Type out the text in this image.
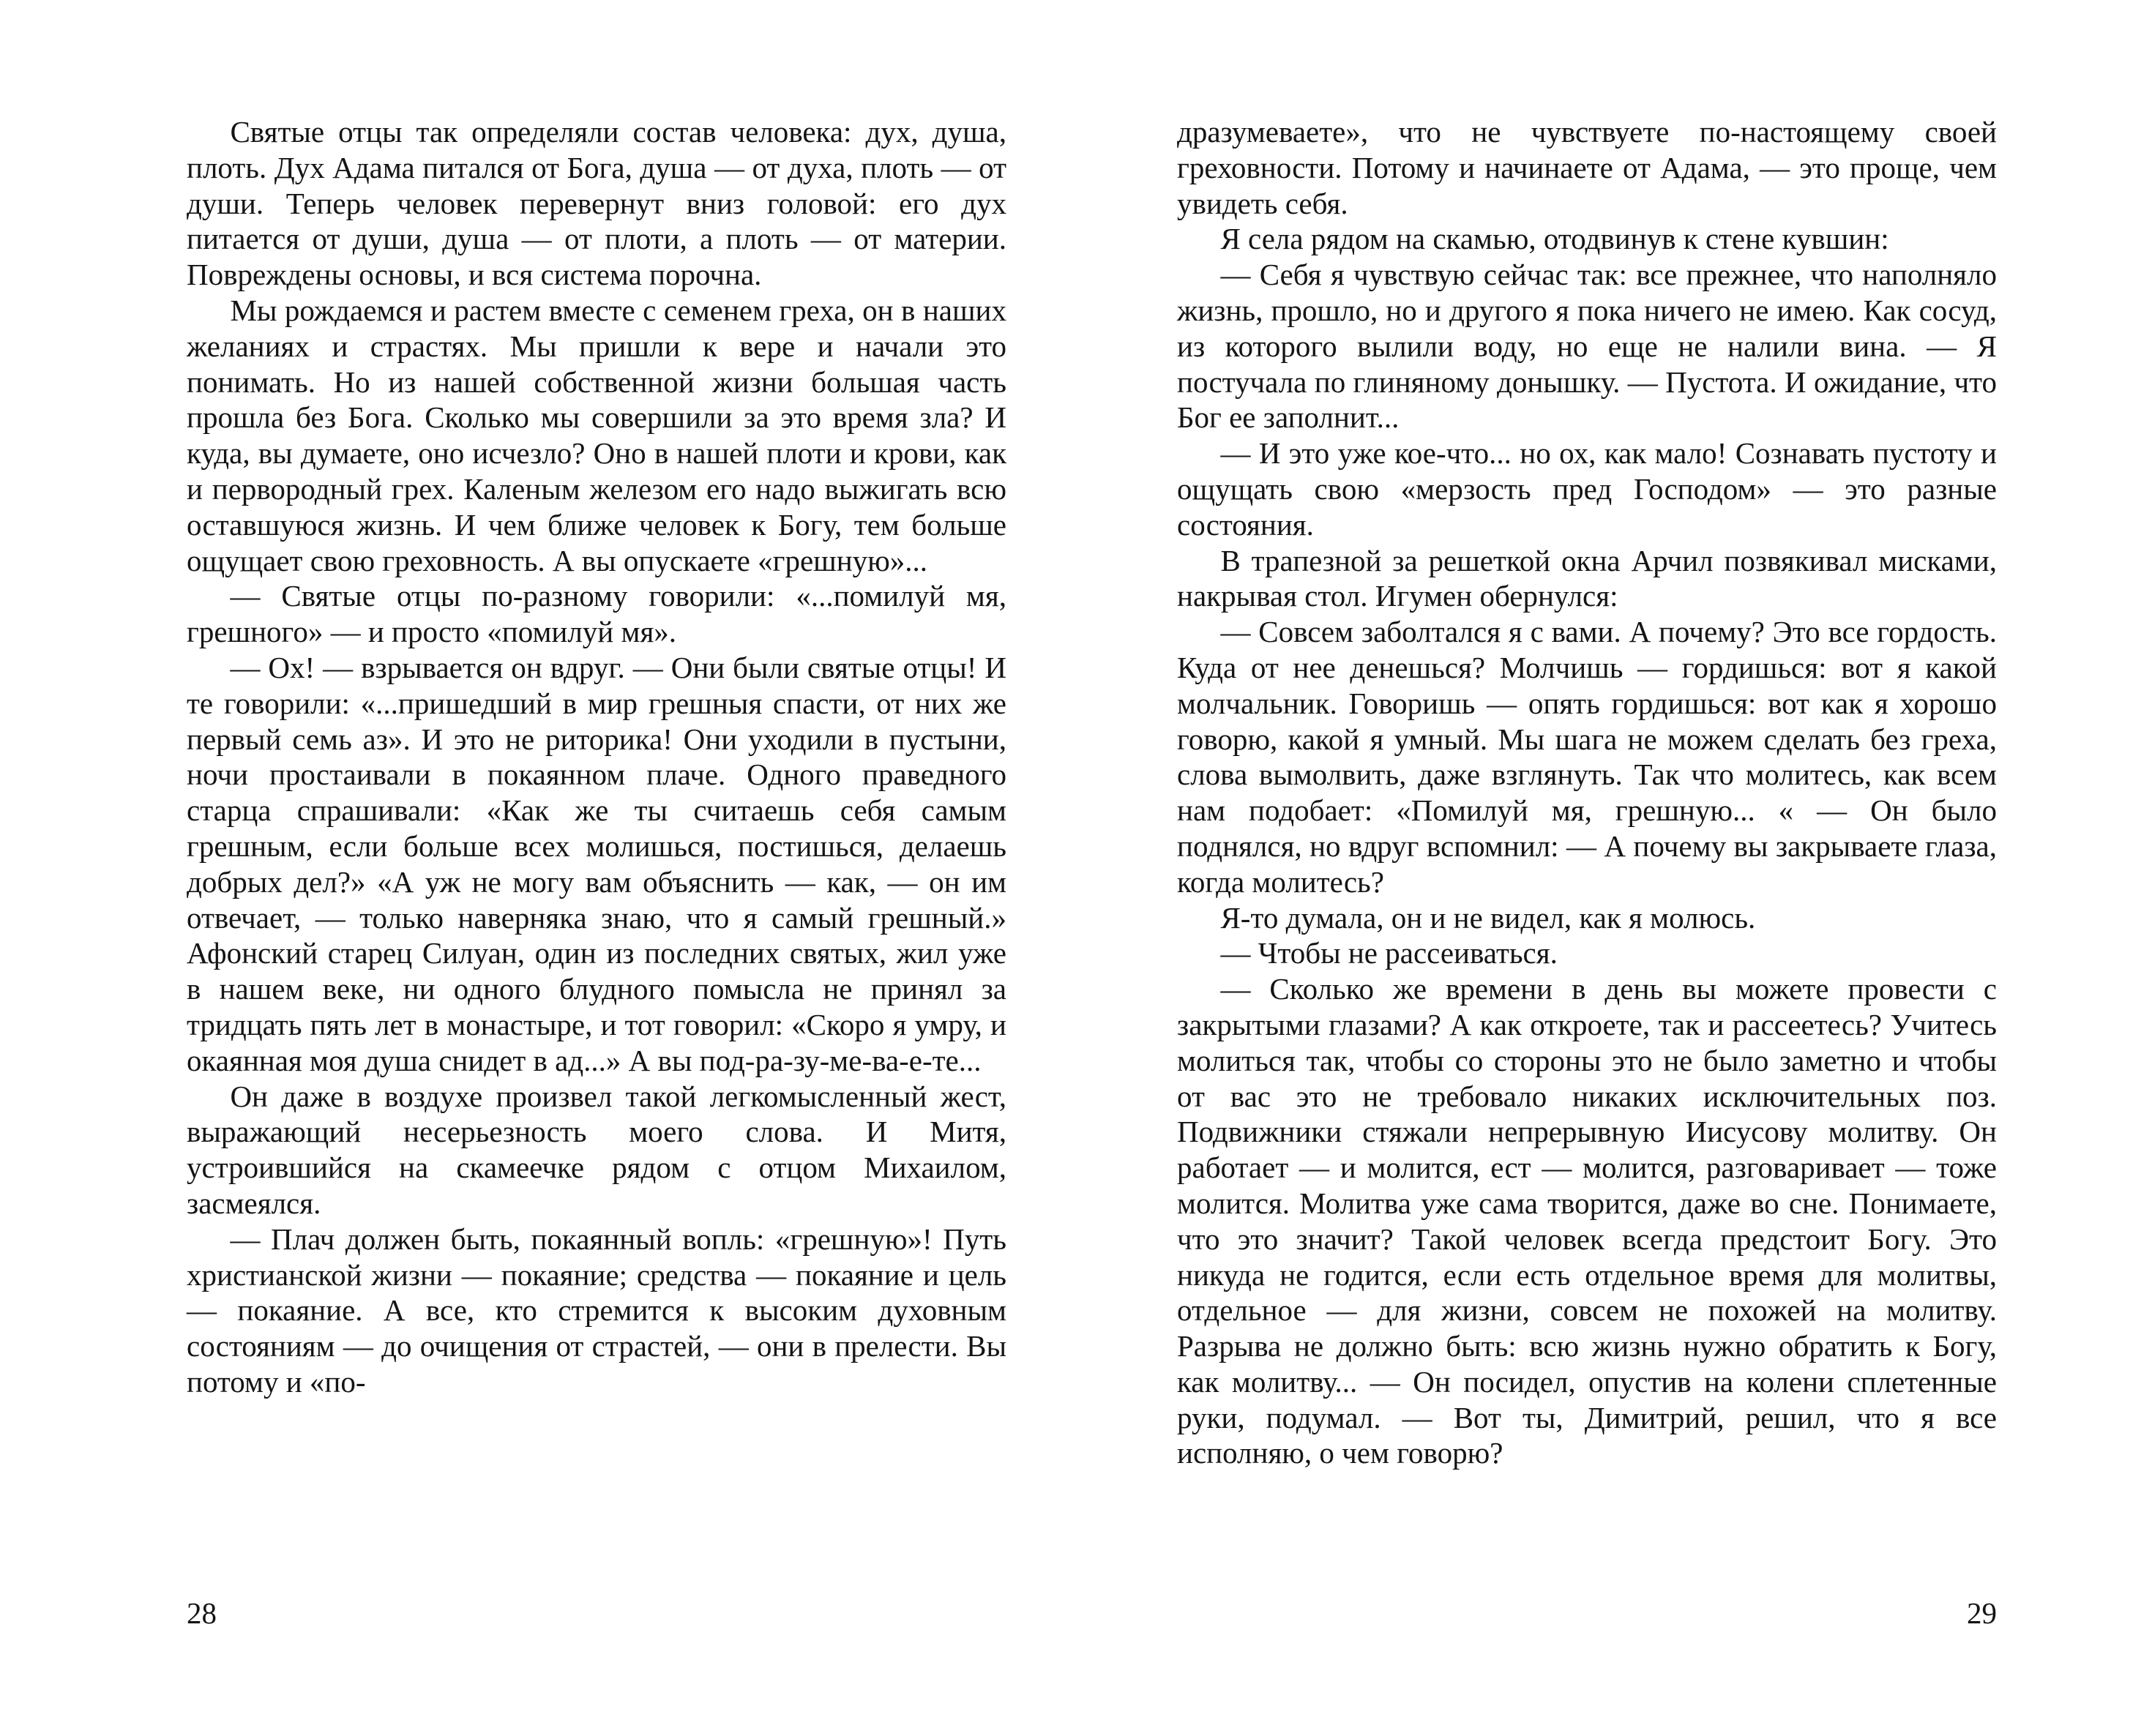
Святые отцы так определяли состав человека: дух, душа, плоть. Дух Адама питался от Бога, душа — от духа, плоть — от души. Теперь человек перевернут вниз головой: его дух питается от души, душа — от плоти, а плоть — от материи. Повреждены основы, и вся система порочна.

Мы рождаемся и растем вместе с семенем греха, он в наших желаниях и страстях. Мы пришли к вере и начали это понимать. Но из нашей собственной жизни большая часть прошла без Бога. Сколько мы совершили за это время зла? И куда, вы думаете, оно исчезло? Оно в нашей плоти и крови, как и первородный грех. Каленым железом его надо выжигать всю оставшуюся жизнь. И чем ближе человек к Богу, тем больше ощущает свою греховность. А вы опускаете «грешную»...

— Святые отцы по-разному говорили: «...помилуй мя, грешного» — и просто «помилуй мя».

— Ох! — взрывается он вдруг. — Они были святые отцы! И те говорили: «...пришедший в мир грешныя спасти, от них же первый семь аз». И это не риторика! Они уходили в пустыни, ночи простаивали в покаянном плаче. Одного праведного старца спрашивали: «Как же ты считаешь себя самым грешным, если больше всех молишься, постишься, делаешь добрых дел?» «А уж не могу вам объяснить — как, — он им отвечает, — только наверняка знаю, что я самый грешный.» Афонский старец Силуан, один из последних святых, жил уже в нашем веке, ни одного блудного помысла не принял за тридцать пять лет в монастыре, и тот говорил: «Скоро я умру, и окаянная моя душа снидет в ад...» А вы под-ра-зу-ме-ва-е-те...

Он даже в воздухе произвел такой легкомысленный жест, выражающий несерьезность моего слова. И Митя, устроившийся на скамеечке рядом с отцом Михаилом, засмеялся.

— Плач должен быть, покаянный вопль: «грешную»! Путь христианской жизни — покаяние; средства — покаяние и цель — покаяние. А все, кто стремится к высоким духовным состояниям — до очищения от страстей, — они в прелести. Вы потому и «по-

28

дразумеваете», что не чувствуете по-настоящему своей греховности. Потому и начинаете от Адама, — это проще, чем увидеть себя.

Я села рядом на скамью, отодвинув к стене кувшин:

— Себя я чувствую сейчас так: все прежнее, что наполняло жизнь, прошло, но и другого я пока ничего не имею. Как сосуд, из которого вылили воду, но еще не налили вина. — Я постучала по глиняному донышку. — Пустота. И ожидание, что Бог ее заполнит...

— И это уже кое-что... но ох, как мало! Сознавать пустоту и ощущать свою «мерзость пред Господом» — это разные состояния.

В трапезной за решеткой окна Арчил позвякивал мисками, накрывая стол. Игумен обернулся:

— Совсем заболтался я с вами. А почему? Это все гордость. Куда от нее денешься? Молчишь — гордишься: вот я какой молчальник. Говоришь — опять гордишься: вот как я хорошо говорю, какой я умный. Мы шага не можем сделать без греха, слова вымолвить, даже взглянуть. Так что молитесь, как всем нам подобает: «Помилуй мя, грешную... « — Он было поднялся, но вдруг вспомнил: — А почему вы закрываете глаза, когда молитесь?

Я-то думала, он и не видел, как я молюсь.

— Чтобы не рассеиваться.

— Сколько же времени в день вы можете провести с закрытыми глазами? А как откроете, так и рассеетесь? Учитесь молиться так, чтобы со стороны это не было заметно и чтобы от вас это не требовало никаких исключительных поз. Подвижники стяжали непрерывную Иисусову молитву. Он работает — и молится, ест — молится, разговаривает — тоже молится. Молитва уже сама творится, даже во сне. Понимаете, что это значит? Такой человек всегда предстоит Богу. Это никуда не годится, если есть отдельное время для молитвы, отдельное — для жизни, совсем не похожей на молитву. Разрыва не должно быть: всю жизнь нужно обратить к Богу, как молитву... — Он посидел, опустив на колени сплетенные руки, подумал. — Вот ты, Димитрий, решил, что я все исполняю, о чем говорю?

29
